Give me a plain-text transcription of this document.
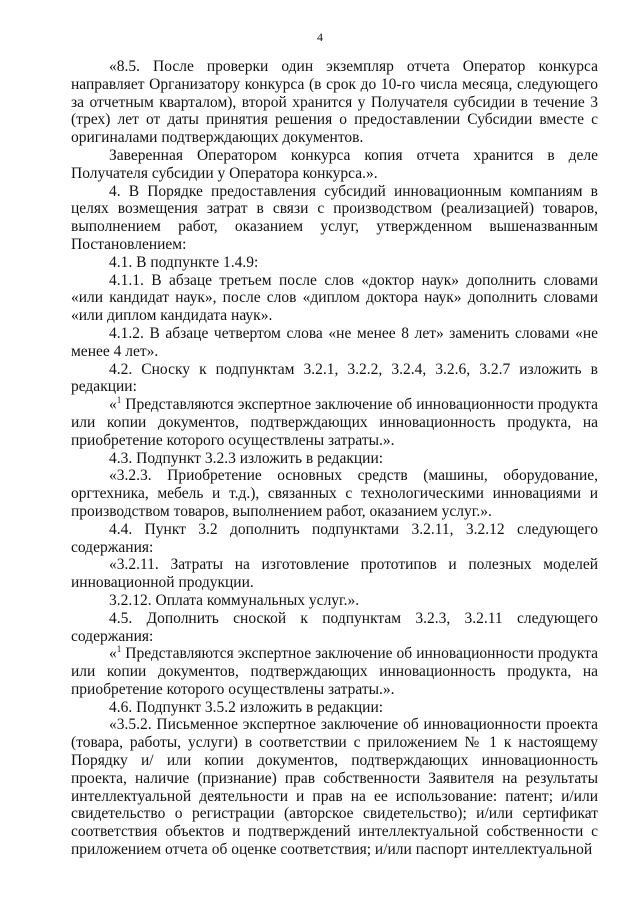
4

«8.5. После проверки один экземпляр отчета Оператор конкурса направляет Организатору конкурса (в срок до 10-го числа месяца, следующего за отчетным кварталом), второй хранится у Получателя субсидии в течение 3 (трех) лет от даты принятия решения о предоставлении Субсидии вместе с оригиналами подтверждающих документов.

Заверенная Оператором конкурса копия отчета хранится в деле Получателя субсидии у Оператора конкурса.».

4. В Порядке предоставления субсидий инновационным компаниям в целях возмещения затрат в связи с производством (реализацией) товаров, выполнением работ, оказанием услуг, утвержденном вышеназванным Постановлением:

4.1. В подпункте 1.4.9:

4.1.1. В абзаце третьем после слов «доктор наук» дополнить словами «или кандидат наук», после слов «диплом доктора наук» дополнить словами «или диплом кандидата наук».

4.1.2. В абзаце четвертом слова «не менее 8 лет» заменить словами «не менее 4 лет».

4.2. Сноску к подпунктам 3.2.1, 3.2.2, 3.2.4, 3.2.6, 3.2.7 изложить в редакции:

«$^1$ Представляются экспертное заключение об инновационности продукта или копии документов, подтверждающих инновационность продукта, на приобретение которого осуществлены затраты.».

4.3. Подпункт 3.2.3 изложить в редакции:

«3.2.3. Приобретение основных средств (машины, оборудование, оргтехника, мебель и т.д.), связанных с технологическими инновациями и производством товаров, выполнением работ, оказанием услуг.».

4.4. Пункт 3.2 дополнить подпунктами 3.2.11, 3.2.12 следующего содержания:

«3.2.11. Затраты на изготовление прототипов и полезных моделей инновационной продукции.

3.2.12. Оплата коммунальных услуг.».

4.5. Дополнить сноской к подпунктам 3.2.3, 3.2.11 следующего содержания:

«$^1$ Представляются экспертное заключение об инновационности продукта или копии документов, подтверждающих инновационность продукта, на приобретение которого осуществлены затраты.».

4.6. Подпункт 3.5.2 изложить в редакции:

«3.5.2. Письменное экспертное заключение об инновационности проекта (товара, работы, услуги) в соответствии с приложением № 1 к настоящему Порядку и/ или копии документов, подтверждающих инновационность проекта, наличие (признание) прав собственности Заявителя на результаты интеллектуальной деятельности и прав на ее использование: патент; и/или свидетельство о регистрации (авторское свидетельство); и/или сертификат соответствия объектов и подтверждений интеллектуальной собственности с приложением отчета об оценке соответствия; и/или паспорт интеллектуальной
